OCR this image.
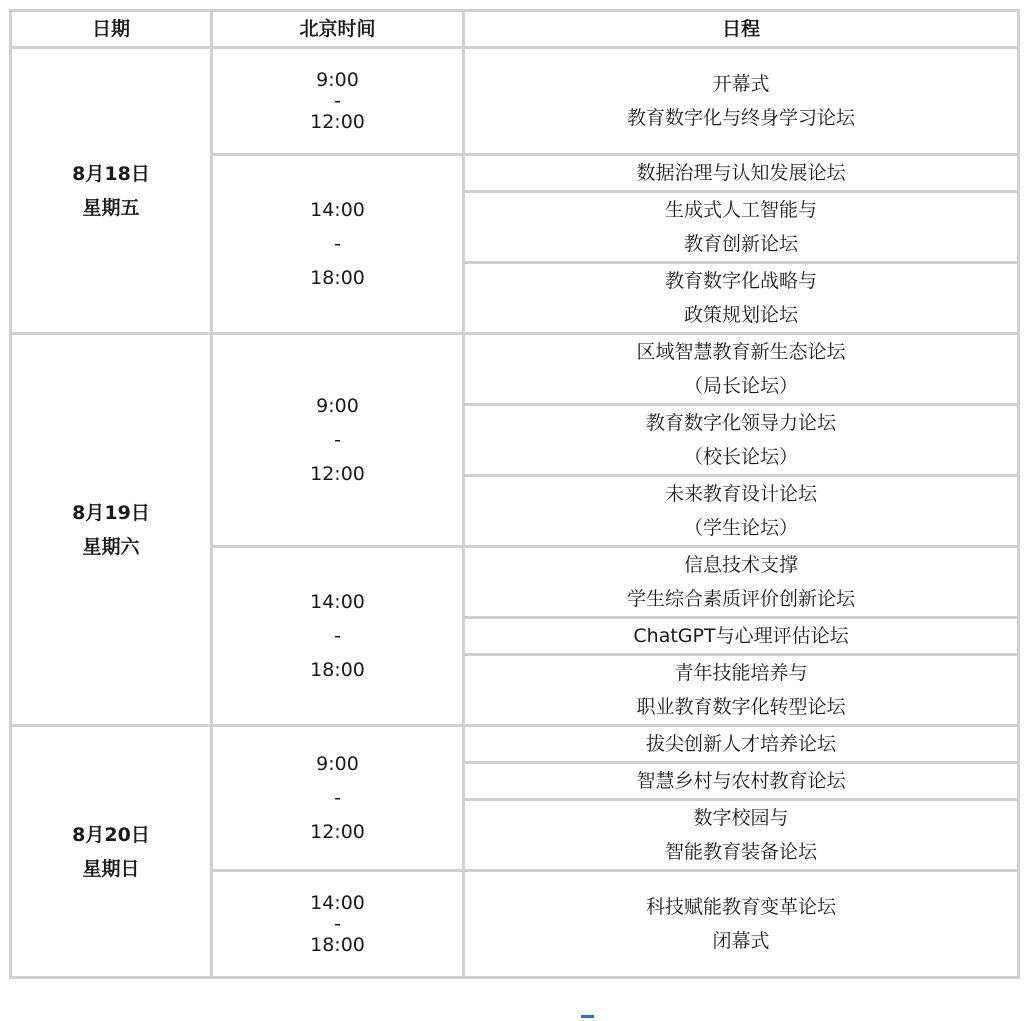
日期	北京时间	日程
8月18日
星期五	9:00
-
12:00	开幕式
教育数字化与终身学习论坛

	14:00
-
18:00	数据治理与认知发展论坛

		生成式人工智能与
教育创新论坛

		教育数字化战略与
政策规划论坛

8月19日
星期六	9:00
-
12:00	区域智慧教育新生态论坛
（局长论坛）

		教育数字化领导力论坛
（校长论坛）

		未来教育设计论坛
（学生论坛）

	14:00
-
18:00	信息技术支撑
学生综合素质评价创新论坛

		ChatGPT与心理评估论坛

		青年技能培养与
职业教育数字化转型论坛

8月20日
星期日	9:00
-
12:00	拔尖创新人才培养论坛

		智慧乡村与农村教育论坛

		数字校园与
智能教育装备论坛

	14:00
-
18:00	科技赋能教育变革论坛
闭幕式
